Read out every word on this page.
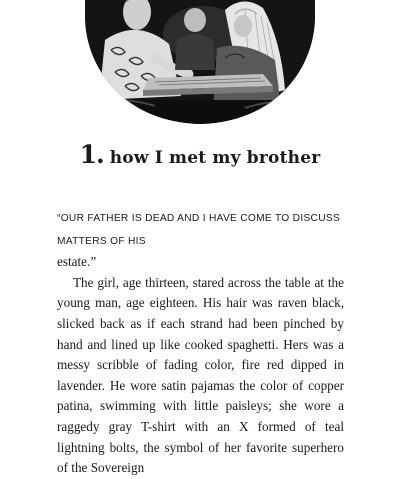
1. how I met my brother

“OUR FATHER IS DEAD AND I HAVE COME TO DISCUSS MATTERS OF HIS
estate.”

The girl, age thirteen, stared across the table at the young man, age eighteen. His hair was raven black, slicked back as if each strand had been pinched by hand and lined up like cooked spaghetti. Hers was a messy scribble of fading color, fire red dipped in lavender. He wore satin pajamas the color of copper patina, swimming with little paisleys; she wore a raggedy gray T-shirt with an X formed of teal lightning bolts, the symbol of her favorite superhero of the Sovereign
